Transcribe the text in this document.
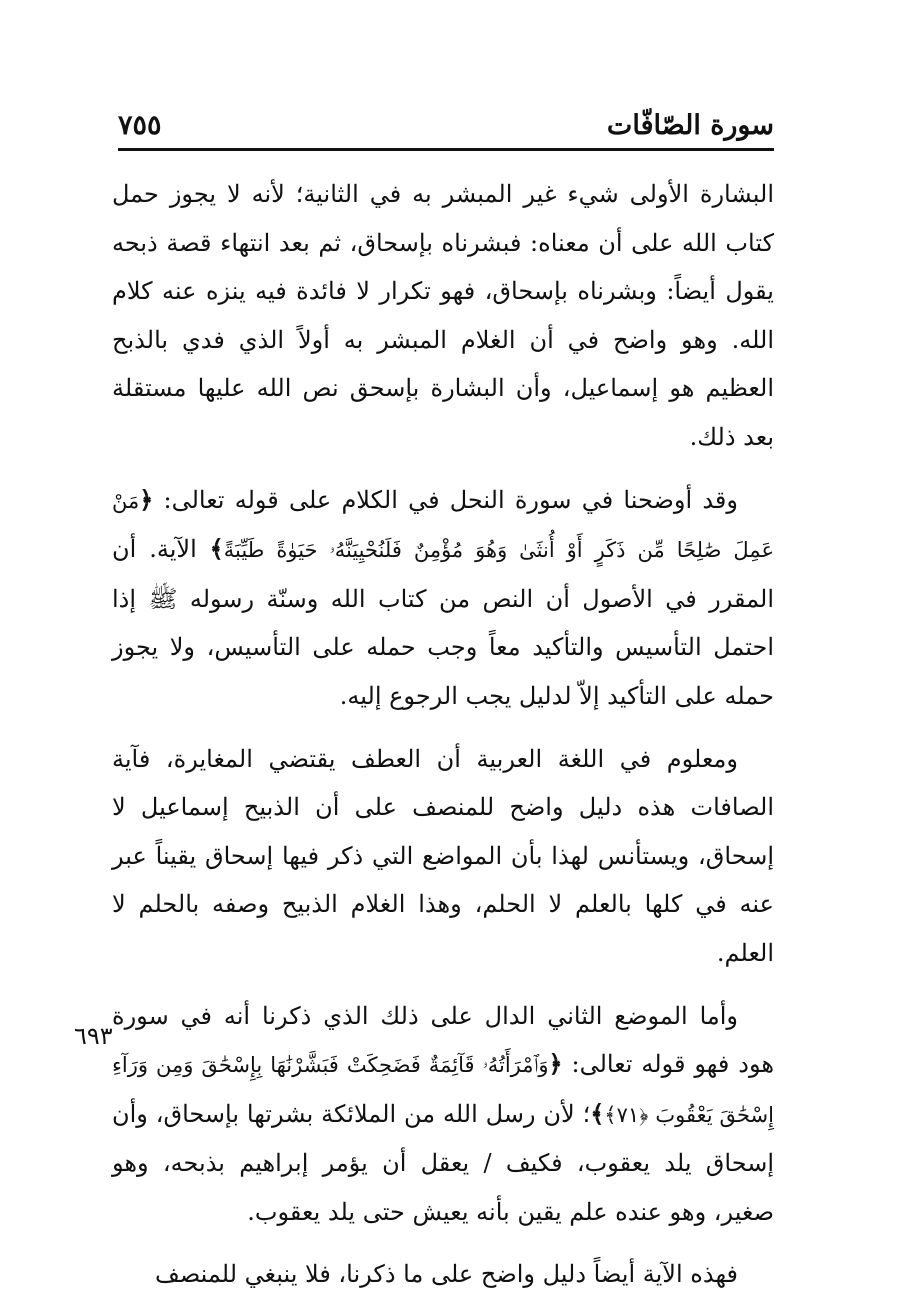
سورة الصّافّات
٧٥٥

البشارة الأولى شيء غير المبشر به في الثانية؛ لأنه لا يجوز حمل كتاب الله على أن معناه: فبشرناه بإسحاق، ثم بعد انتهاء قصة ذبحه يقول أيضاً: وبشرناه بإسحاق، فهو تكرار لا فائدة فيه ينزه عنه كلام الله. وهو واضح في أن الغلام المبشر به أولاً الذي فدي بالذبح العظيم هو إسماعيل، وأن البشارة بإسحق نص الله عليها مستقلة بعد ذلك.

وقد أوضحنا في سورة النحل في الكلام على قوله تعالى: ﴿مَنْ عَمِلَ صَٰلِحًا مِّن ذَكَرٍ أَوْ أُنثَىٰ وَهُوَ مُؤْمِنٌ فَلَنُحْيِيَنَّهُۥ حَيَوٰةً طَيِّبَةً﴾ الآية. أن المقرر في الأصول أن النص من كتاب الله وسنّة رسوله ﷺ إذا احتمل التأسيس والتأكيد معاً وجب حمله على التأسيس، ولا يجوز حمله على التأكيد إلاّ لدليل يجب الرجوع إليه.

ومعلوم في اللغة العربية أن العطف يقتضي المغايرة، فآية الصافات هذه دليل واضح للمنصف على أن الذبيح إسماعيل لا إسحاق، ويستأنس لهذا بأن المواضع التي ذكر فيها إسحاق يقيناً عبر عنه في كلها بالعلم لا الحلم، وهذا الغلام الذبيح وصفه بالحلم لا العلم.

وأما الموضع الثاني الدال على ذلك الذي ذكرنا أنه في سورة هود فهو قوله تعالى: ﴿وَٱمْرَأَتُهُۥ قَآئِمَةٌ فَضَحِكَتْ فَبَشَّرْنَٰهَا بِإِسْحَٰقَ وَمِن وَرَآءِ إِسْحَٰقَ يَعْقُوبَ ﴿٧١﴾﴾؛ لأن رسل الله من الملائكة بشرتها بإسحاق، وأن إسحاق يلد يعقوب، فكيف / يعقل أن يؤمر إبراهيم بذبحه، وهو صغير، وهو عنده علم يقين بأنه يعيش حتى يلد يعقوب.

فهذه الآية أيضاً دليل واضح على ما ذكرنا، فلا ينبغي للمنصف

٦٩٣
